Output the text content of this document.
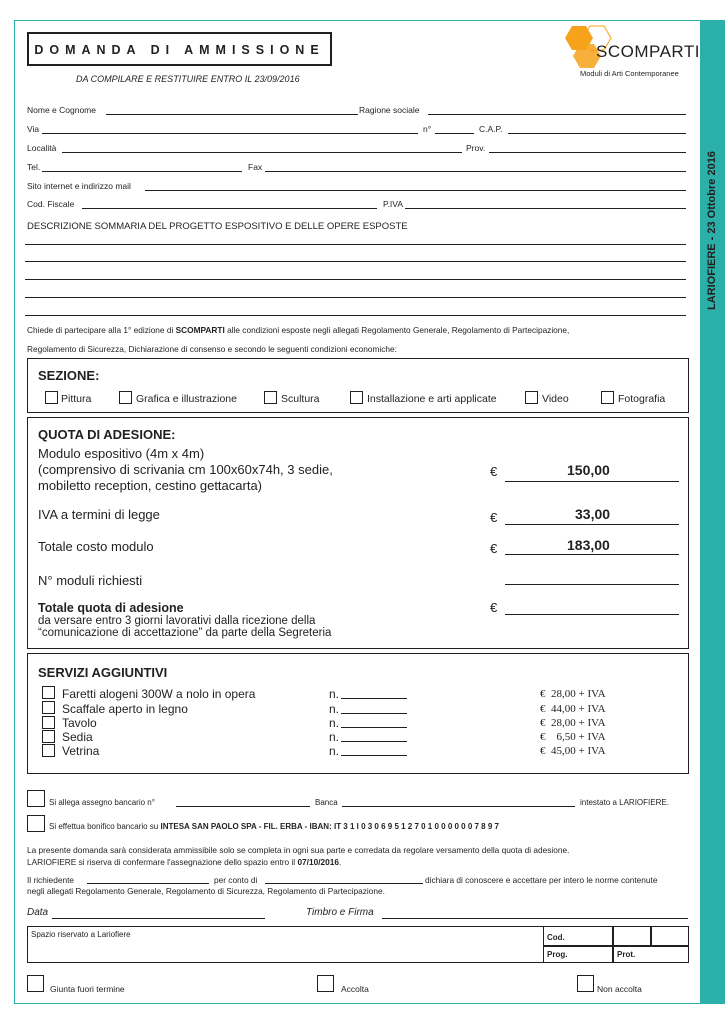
LARIOFIERE - 23 Ottobre 2016
DOMANDA DI AMMISSIONE
DA COMPILARE E RESTITUIRE ENTRO IL 23/09/2016
SCOMPARTI
Moduli di Arti Contemporanee
Nome e Cognome	Ragione sociale
Via	n°	C.A.P.
Località	Prov.
Tel.	Fax
Sito internet e indirizzo mail
Cod. Fiscale	P.IVA
DESCRIZIONE SOMMARIA DEL PROGETTO ESPOSITIVO E DELLE OPERE ESPOSTE
Chiede di partecipare alla 1° edizione di SCOMPARTI alle condizioni esposte negli allegati Regolamento Generale, Regolamento di Partecipazione,
Regolamento di Sicurezza, Dichiarazione di consenso e secondo le seguenti condizioni economiche:
SEZIONE:
Pittura	Grafica e illustrazione	Scultura	Installazione e arti applicate	Video	Fotografia
QUOTA DI ADESIONE:
Modulo espositivo (4m x 4m)
(comprensivo di scrivania cm 100x60x74h, 3 sedie,
mobiletto reception, cestino gettacarta)
€	150,00
IVA a termini di legge	€	33,00
Totale costo modulo	€	183,00
N° moduli richiesti
Totale quota di adesione
da versare entro 3 giorni lavorativi dalla ricezione della
“comunicazione di accettazione” da parte della Segreteria
€
SERVIZI AGGIUNTIVI
Faretti alogeni 300W a nolo in opera	n.	€  28,00 + IVA
Scaffale aperto in legno	n.	€  44,00 + IVA
Tavolo	n.	€  28,00 + IVA
Sedia	n.	€    6,50 + IVA
Vetrina	n.	€  45,00 + IVA
Si allega assegno bancario n°	Banca	intestato a LARIOFIERE.
Si effettua bonifico bancario su INTESA SAN PAOLO SPA - FIL. ERBA - IBAN: IT 3 1 I 0 3 0 6 9 5 1 2 7 0 1 0 0 0 0 0 0 7 8 9 7
La presente domanda sarà considerata ammissibile solo se completa in ogni sua parte e corredata da regolare versamento della quota di adesione.
LARIOFIERE si riserva di confermare l'assegnazione dello spazio entro il 07/10/2016.
Il richiedente	per conto di	dichiara di conoscere e accettare per intero le norme contenute
negli allegati Regolamento Generale, Regolamento di Sicurezza, Regolamento di Partecipazione.
Data	Timbro e Firma
Spazio riservato a Lariofiere	Cod.
Prog.	Prot.
Giunta fuori termine	Accolta	Non accolta
